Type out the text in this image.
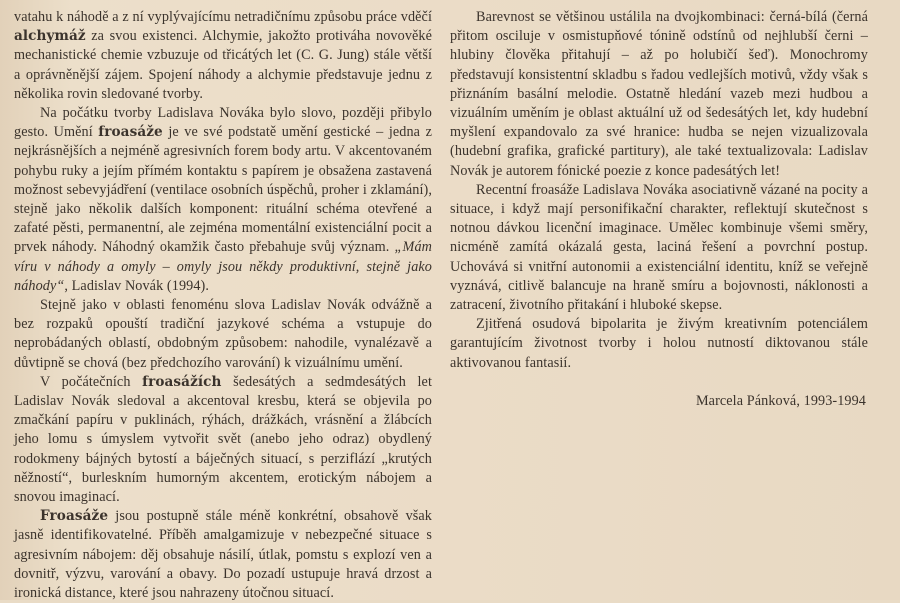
vatahu k náhodě a z ní vyplývajícímu netradičnímu způsobu práce vděčí alchymáž za svou existenci. Alchymie, jakožto protiváha novověké mechanistické chemie vzbuzuje od třicátých let (C. G. Jung) stále větší a oprávněnější zájem. Spojení náhody a alchymie představuje jednu z několika rovin sledované tvorby.

Na počátku tvorby Ladislava Nováka bylo slovo, později přibylo gesto. Umění froasáže je ve své podstatě umění gestické – jedna z nejkrásnějších a nejméně agresivních forem body artu. V akcentovaném pohybu ruky a jejím přímém kontaktu s papírem je obsažena zastavená možnost sebevyjádření (ventilace osobních úspěchů, proher i zklamání), stejně jako několik dalších komponent: rituální schéma otevřené a zafaté pěsti, permanentní, ale zejména momentální existenciální pocit a prvek náhody. Náhodný okamžik často přebahuje svůj význam. „Mám víru v náhody a omyly – omyly jsou někdy produktivní, stejně jako náhody“, Ladislav Novák (1994).

Stejně jako v oblasti fenoménu slova Ladislav Novák odvážně a bez rozpaků opouští tradiční jazykové schéma a vstupuje do neprobádaných oblastí, obdobným způsobem: nahodile, vynalézavě a důvtipně se chová (bez předchozího varování) k vizuálnímu umění.

V počátečních froasážích šedesátých a sedmdesátých let Ladislav Novák sledoval a akcentoval kresbu, která se objevila po zmačkání papíru v puklinách, rýhách, drážkách, vrásnění a žlábcích jeho lomu s úmyslem vytvořit svět (anebo jeho odraz) obydlený rodokmeny bájných bytostí a báječných situací, s perziflází „krutých něžností“, burleskním humorným akcentem, erotickým nábojem a snovou imaginací.

Froasáže jsou postupně stále méně konkrétní, obsahově však jasně identifikovatelné. Příběh amalgamizuje v nebezpečné situace s agresivním nábojem: děj obsahuje násilí, útlak, pomstu s explozí ven a dovnitř, výzvu, varování a obavy. Do pozadí ustupuje hravá drzost a ironická distance, které jsou nahrazeny útočnou situací.

Barevnost se většinou ustálila na dvojkombinaci: černá-bílá (černá přitom osciluje v osmistupňové tónině odstínů od nejhlubší černi – hlubiny člověka přitahují – až po holubičí šeď). Monochromy představují konsistentní skladbu s řadou vedlejších motivů, vždy však s přiznáním basální melodie. Ostatně hledání vazeb mezi hudbou a vizuálním uměním je oblast aktuální už od šedesátých let, kdy hudební myšlení expandovalo za své hranice: hudba se nejen vizualizovala (hudební grafika, grafické partitury), ale také textualizovala: Ladislav Novák je autorem fónické poezie z konce padesátých let!

Recentní froasáže Ladislava Nováka asociativně vázané na pocity a situace, i když mají personifikační charakter, reflektují skutečnost s notnou dávkou licenční imaginace. Umělec kombinuje všemi směry, nicméně zamítá okázalá gesta, laciná řešení a povrchní postup. Uchovává si vnitřní autonomii a existenciální identitu, kníž se veřejně vyznává, citlivě balancuje na hraně smíru a bojovnosti, náklonosti a zatracení, životního přitakání i hluboké skepse.

Zjitřená osudová bipolarita je živým kreativním potenciálem garantujícím životnost tvorby i holou nutností diktovanou stále aktivovanou fantasií.

Marcela Pánková, 1993-1994
